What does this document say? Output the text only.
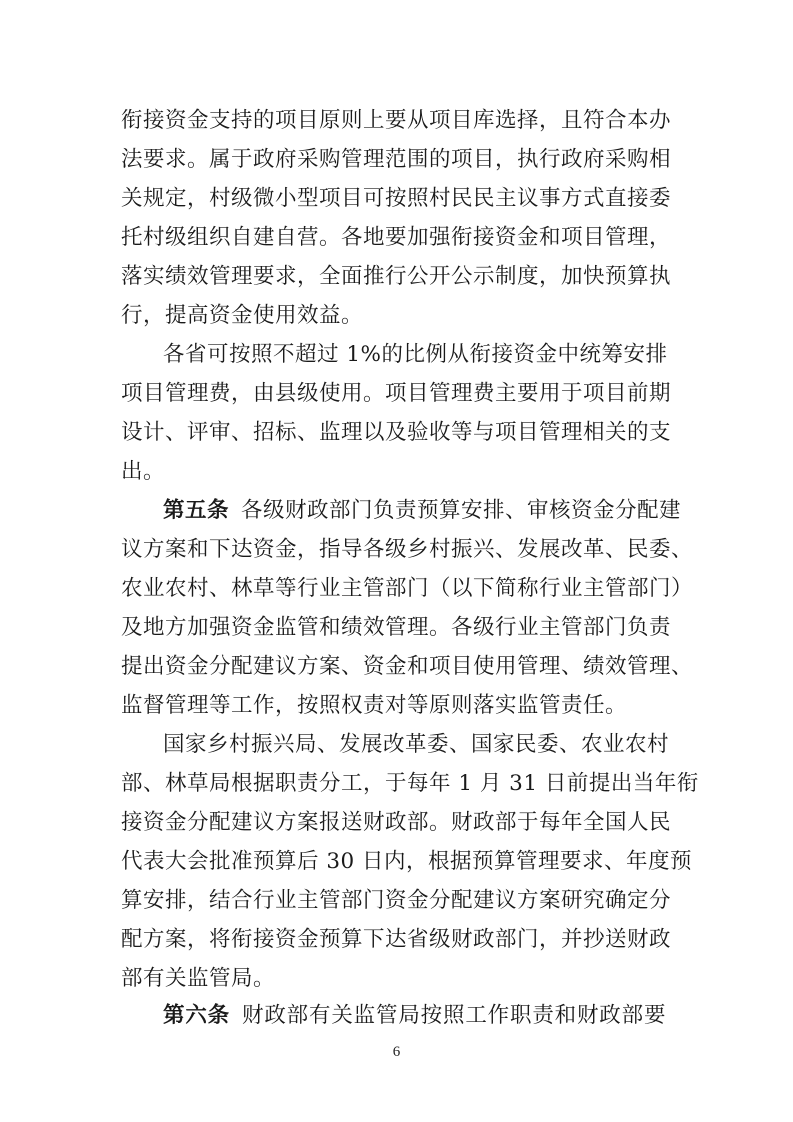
衔接资金支持的项目原则上要从项目库选择，且符合本办
法要求。属于政府采购管理范围的项目，执行政府采购相
关规定，村级微小型项目可按照村民民主议事方式直接委
托村级组织自建自营。各地要加强衔接资金和项目管理，
落实绩效管理要求，全面推行公开公示制度，加快预算执
行，提高资金使用效益。
各省可按照不超过 1%的比例从衔接资金中统筹安排
项目管理费，由县级使用。项目管理费主要用于项目前期
设计、评审、招标、监理以及验收等与项目管理相关的支
出。
第五条 各级财政部门负责预算安排、审核资金分配建
议方案和下达资金，指导各级乡村振兴、发展改革、民委、
农业农村、林草等行业主管部门（以下简称行业主管部门）
及地方加强资金监管和绩效管理。各级行业主管部门负责
提出资金分配建议方案、资金和项目使用管理、绩效管理、
监督管理等工作，按照权责对等原则落实监管责任。
国家乡村振兴局、发展改革委、国家民委、农业农村
部、林草局根据职责分工，于每年 1 月 31 日前提出当年衔
接资金分配建议方案报送财政部。财政部于每年全国人民
代表大会批准预算后 30 日内，根据预算管理要求、年度预
算安排，结合行业主管部门资金分配建议方案研究确定分
配方案，将衔接资金预算下达省级财政部门，并抄送财政
部有关监管局。
第六条 财政部有关监管局按照工作职责和财政部要
6
